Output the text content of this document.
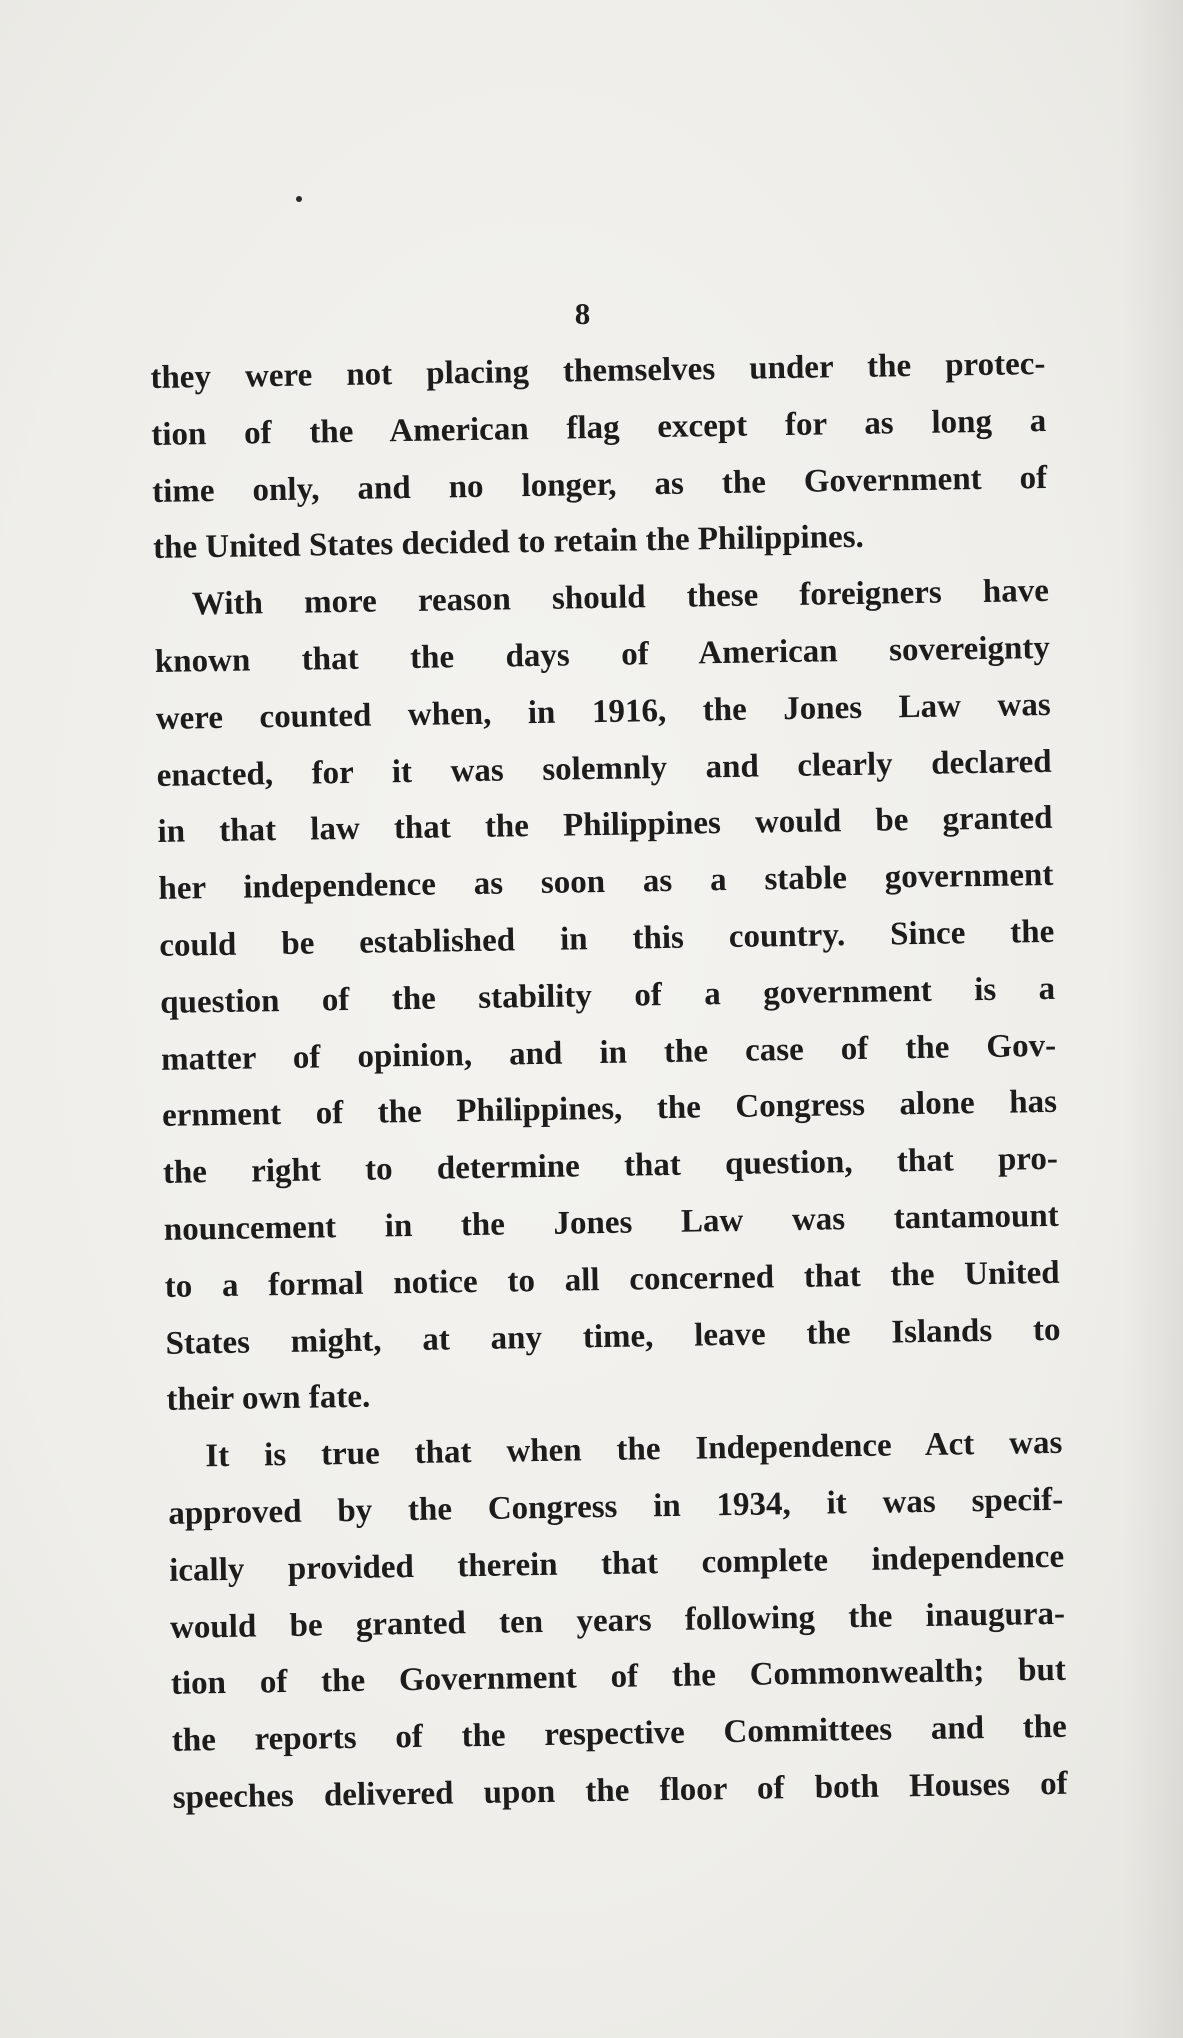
8
they were not placing themselves under the protec-
tion of the American flag except for as long a
time only, and no longer, as the Government of
the United States decided to retain the Philippines.
With more reason should these foreigners have
known that the days of American sovereignty
were counted when, in 1916, the Jones Law was
enacted, for it was solemnly and clearly declared
in that law that the Philippines would be granted
her independence as soon as a stable government
could be established in this country. Since the
question of the stability of a government is a
matter of opinion, and in the case of the Gov-
ernment of the Philippines, the Congress alone has
the right to determine that question, that pro-
nouncement in the Jones Law was tantamount
to a formal notice to all concerned that the United
States might, at any time, leave the Islands to
their own fate.
It is true that when the Independence Act was
approved by the Congress in 1934, it was specif-
ically provided therein that complete independence
would be granted ten years following the inaugura-
tion of the Government of the Commonwealth; but
the reports of the respective Committees and the
speeches delivered upon the floor of both Houses of
